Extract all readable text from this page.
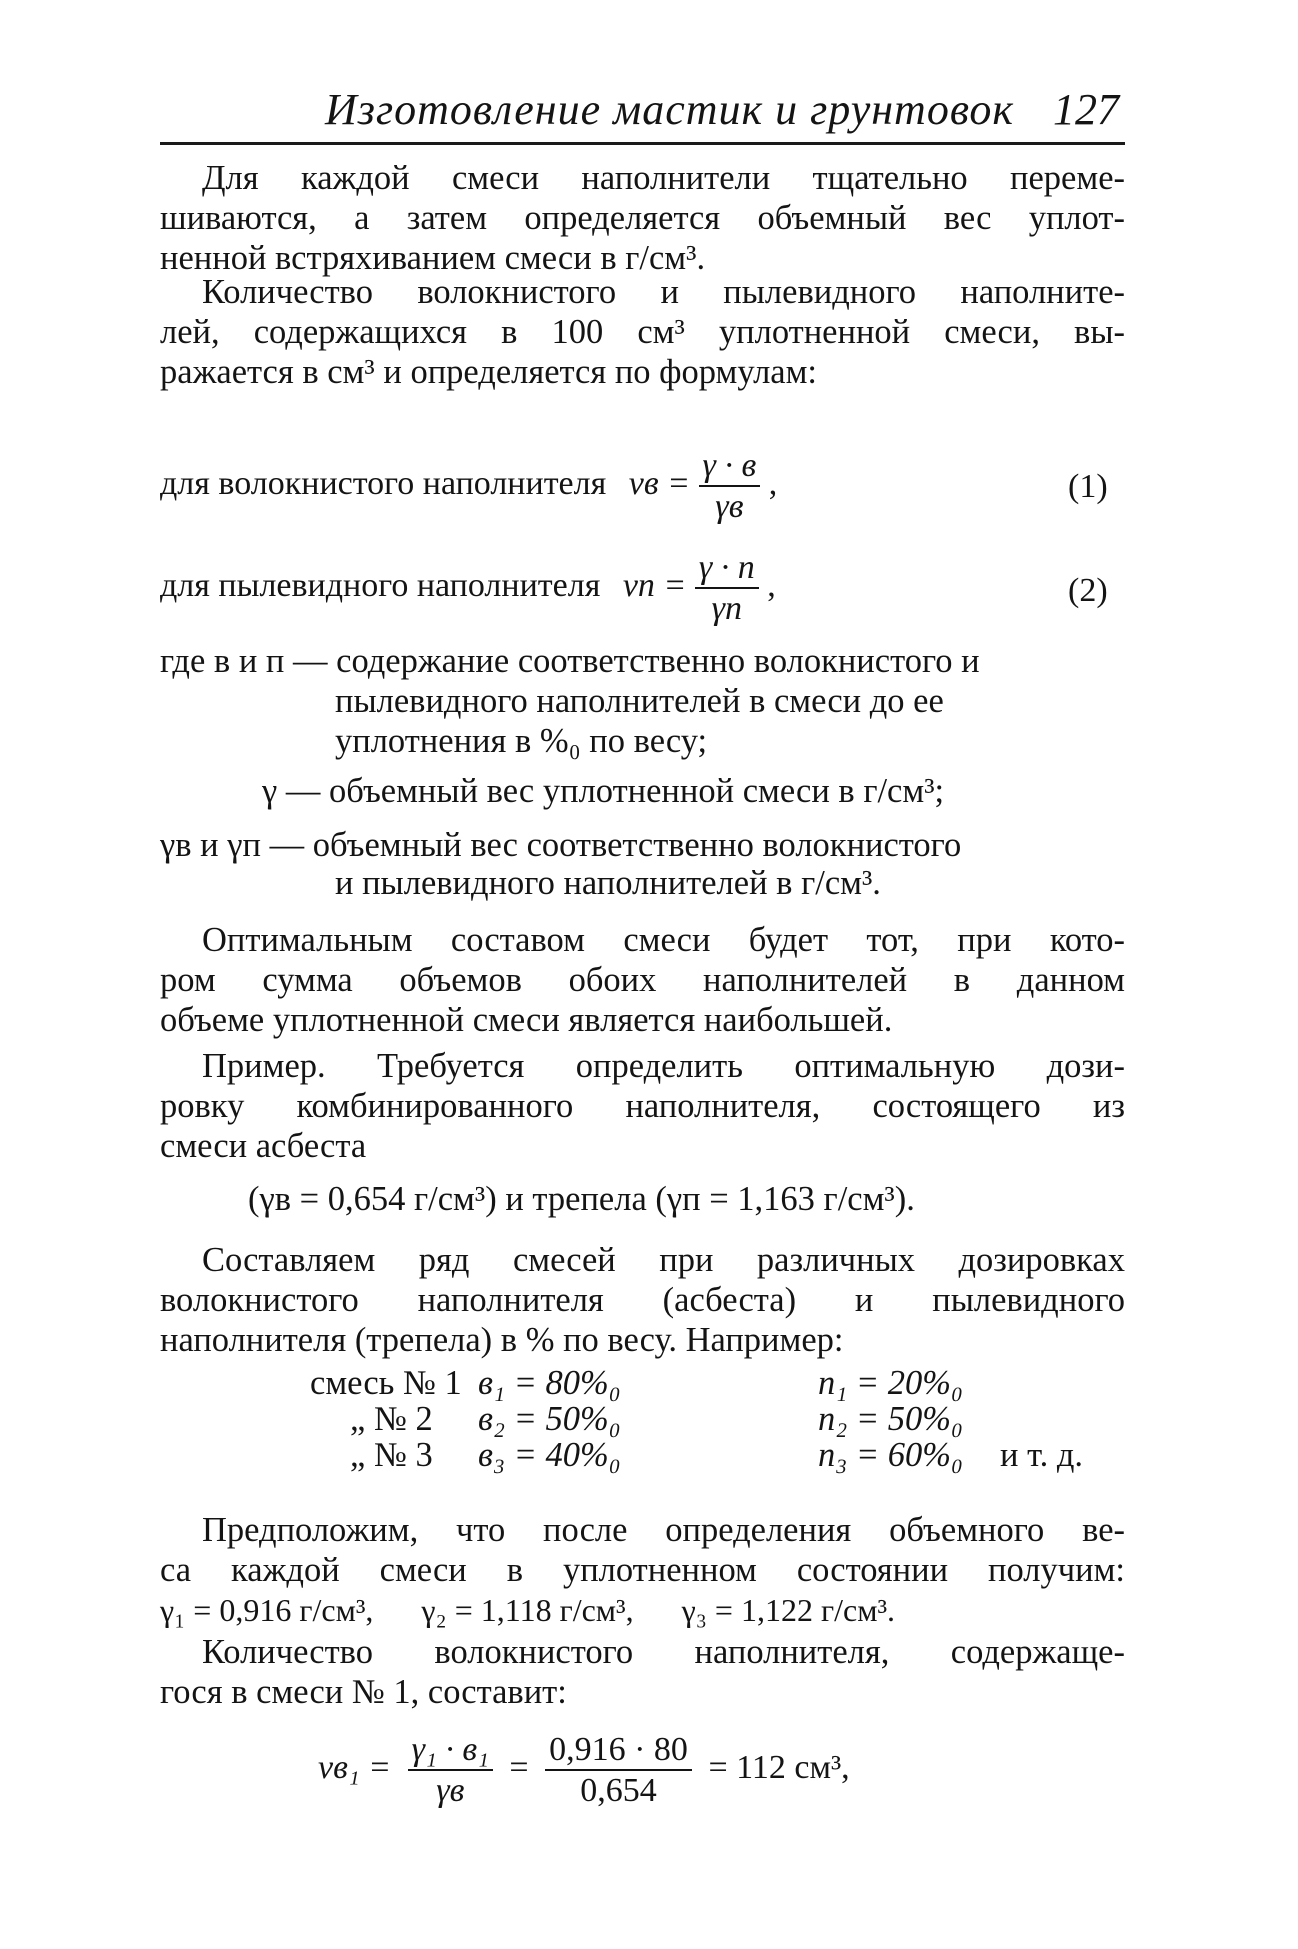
Изготовление мастик и грунтовок 127
Для каждой смеси наполнители тщательно переме-
шиваются, а затем определяется объемный вес уплот-
ненной встряхиванием смеси в г/см³.
Количество волокнистого и пылевидного наполните-
лей, содержащихся в 100 см³ уплотненной смеси, вы-
ражается в см³ и определяется по формулам:
для волокнистого наполнителя vв = $\frac{\gamma \cdot в}{\gamma в}$ ,	(1)
для пылевидного наполнителя vп = $\frac{\gamma \cdot п}{\gamma п}$ ,	(2)
где в и п — содержание соответственно волокнистого и
пылевидного наполнителей в смеси до ее
уплотнения в %₀ по весу;
γ — объемный вес уплотненной смеси в г/см³;
γв и γп — объемный вес соответственно волокнистого
и пылевидного наполнителей в г/см³.
Оптимальным составом смеси будет тот, при кото-
ром сумма объемов обоих наполнителей в данном
объеме уплотненной смеси является наибольшей.
Пример. Требуется определить оптимальную дози-
ровку комбинированного наполнителя, состоящего из
смеси асбеста
(γв = 0,654 г/см³) и трепела (γп = 1,163 г/см³).
Составляем ряд смесей при различных дозировках
волокнистого наполнителя (асбеста) и пылевидного
наполнителя (трепела) в % по весу. Например:
смесь № 1 в₁ = 80%₀	п₁ = 20%₀
„ № 2 в₂ = 50%₀	п₂ = 50%₀
„ № 3 в₃ = 40%₀	п₃ = 60%₀ и т. д.
Предположим, что после определения объемного ве-
са каждой смеси в уплотненном состоянии получим:
γ₁ = 0,916 г/см³,      γ₂ = 1,118 г/см³,      γ₃ = 1,122 г/см³.
Количество волокнистого наполнителя, содержаще-
гося в смеси № 1, составит:
$vв_1 = \frac{\text{γ₁ · в₁}}{\gamma в} = \frac{0,916 \cdot 80}{0,654} = 112$ см³,
